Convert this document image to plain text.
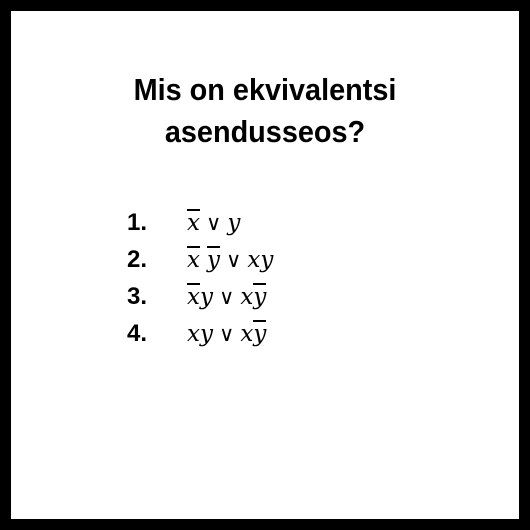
Mis on ekvivalentsi
asendusseos?
1.	x ∨ y
2.	x y ∨ x y
3.	x y ∨ x y
4.	x y ∨ x y
